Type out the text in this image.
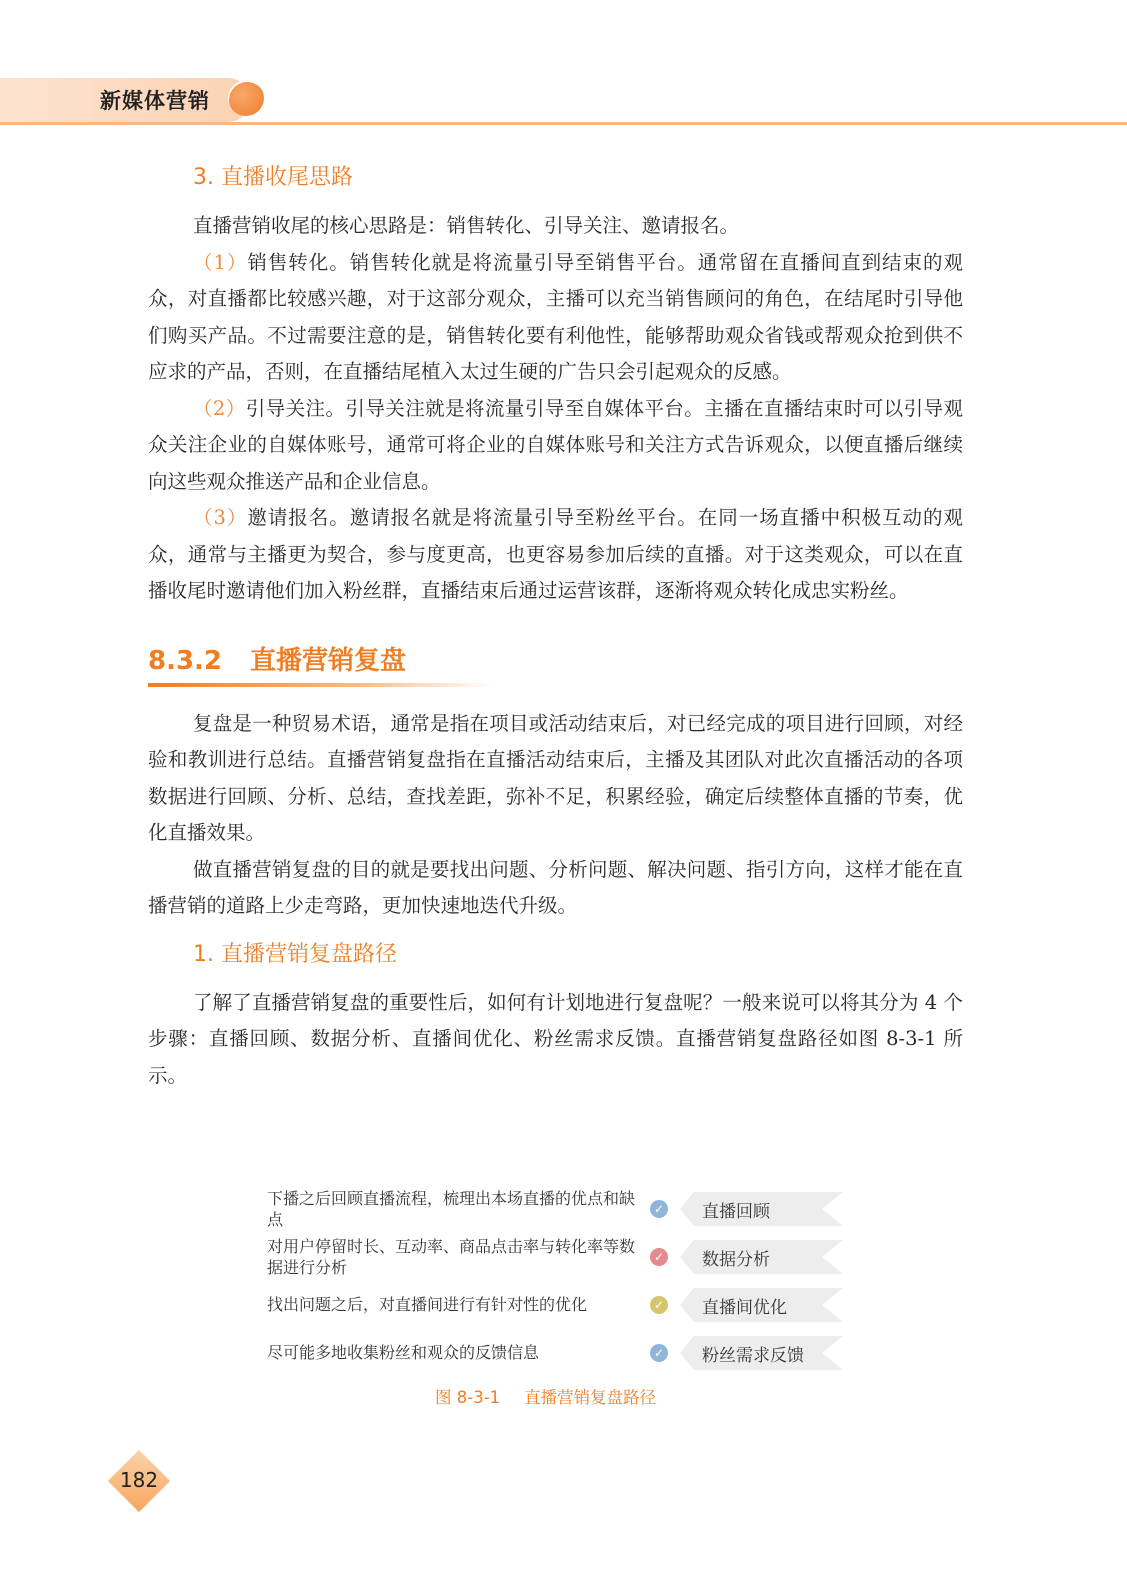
新媒体营销
3. 直播收尾思路

直播营销收尾的核心思路是：销售转化、引导关注、邀请报名。

（1）销售转化。销售转化就是将流量引导至销售平台。通常留在直播间直到结束的观众，对直播都比较感兴趣，对于这部分观众，主播可以充当销售顾问的角色，在结尾时引导他们购买产品。不过需要注意的是，销售转化要有利他性，能够帮助观众省钱或帮观众抢到供不应求的产品，否则，在直播结尾植入太过生硬的广告只会引起观众的反感。

（2）引导关注。引导关注就是将流量引导至自媒体平台。主播在直播结束时可以引导观众关注企业的自媒体账号，通常可将企业的自媒体账号和关注方式告诉观众，以便直播后继续向这些观众推送产品和企业信息。

（3）邀请报名。邀请报名就是将流量引导至粉丝平台。在同一场直播中积极互动的观众，通常与主播更为契合，参与度更高，也更容易参加后续的直播。对于这类观众，可以在直播收尾时邀请他们加入粉丝群，直播结束后通过运营该群，逐渐将观众转化成忠实粉丝。

8.3.2 直播营销复盘

复盘是一种贸易术语，通常是指在项目或活动结束后，对已经完成的项目进行回顾，对经验和教训进行总结。直播营销复盘指在直播活动结束后，主播及其团队对此次直播活动的各项数据进行回顾、分析、总结，查找差距，弥补不足，积累经验，确定后续整体直播的节奏，优化直播效果。

做直播营销复盘的目的就是要找出问题、分析问题、解决问题、指引方向，这样才能在直播营销的道路上少走弯路，更加快速地迭代升级。

1. 直播营销复盘路径

了解了直播营销复盘的重要性后，如何有计划地进行复盘呢？一般来说可以将其分为 4 个步骤：直播回顾、数据分析、直播间优化、粉丝需求反馈。直播营销复盘路径如图 8-3-1 所示。

下播之后回顾直播流程，梳理出本场直播的优点和缺点
✓ 直播回顾
对用户停留时长、互动率、商品点击率与转化率等数据进行分析
✓ 数据分析
找出问题之后，对直播间进行有针对性的优化	✓ 直播间优化
尽可能多地收集粉丝和观众的反馈信息	✓ 粉丝需求反馈
图 8-3-1 直播营销复盘路径
182
